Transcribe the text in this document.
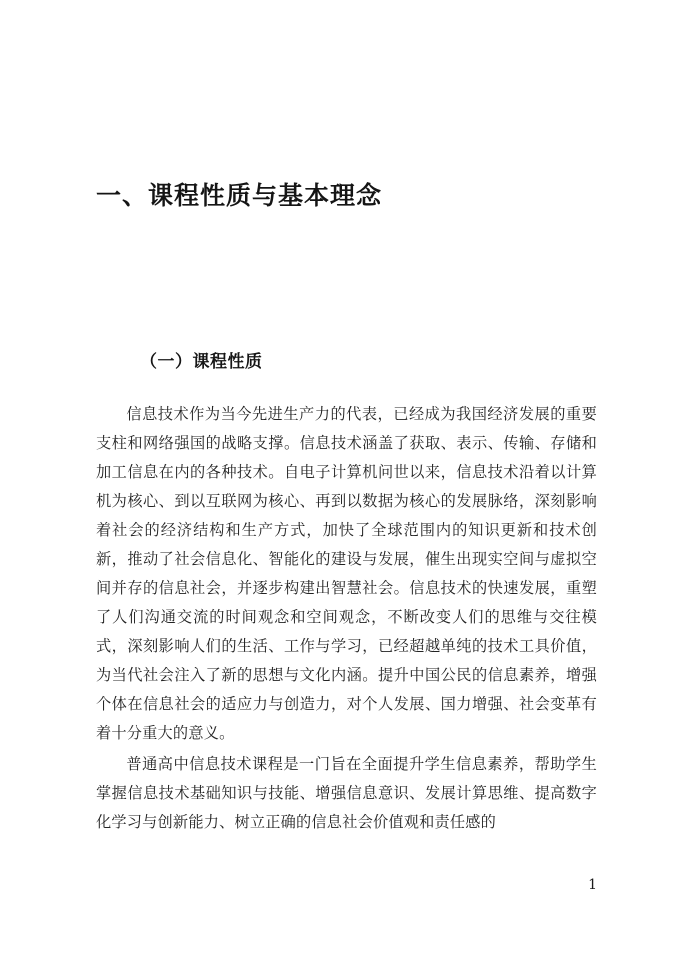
一、课程性质与基本理念
（一）课程性质

信息技术作为当今先进生产力的代表，已经成为我国经济发展的重要支柱和网络强国的战略支撑。信息技术涵盖了获取、表示、传输、存储和加工信息在内的各种技术。自电子计算机问世以来，信息技术沿着以计算机为核心、到以互联网为核心、再到以数据为核心的发展脉络，深刻影响着社会的经济结构和生产方式，加快了全球范围内的知识更新和技术创新，推动了社会信息化、智能化的建设与发展，催生出现实空间与虚拟空间并存的信息社会，并逐步构建出智慧社会。信息技术的快速发展，重塑了人们沟通交流的时间观念和空间观念，不断改变人们的思维与交往模式，深刻影响人们的生活、工作与学习，已经超越单纯的技术工具价值，为当代社会注入了新的思想与文化内涵。提升中国公民的信息素养，增强个体在信息社会的适应力与创造力，对个人发展、国力增强、社会变革有着十分重大的意义。

普通高中信息技术课程是一门旨在全面提升学生信息素养，帮助学生掌握信息技术基础知识与技能、增强信息意识、发展计算思维、提高数字化学习与创新能力、树立正确的信息社会价值观和责任感的

1
